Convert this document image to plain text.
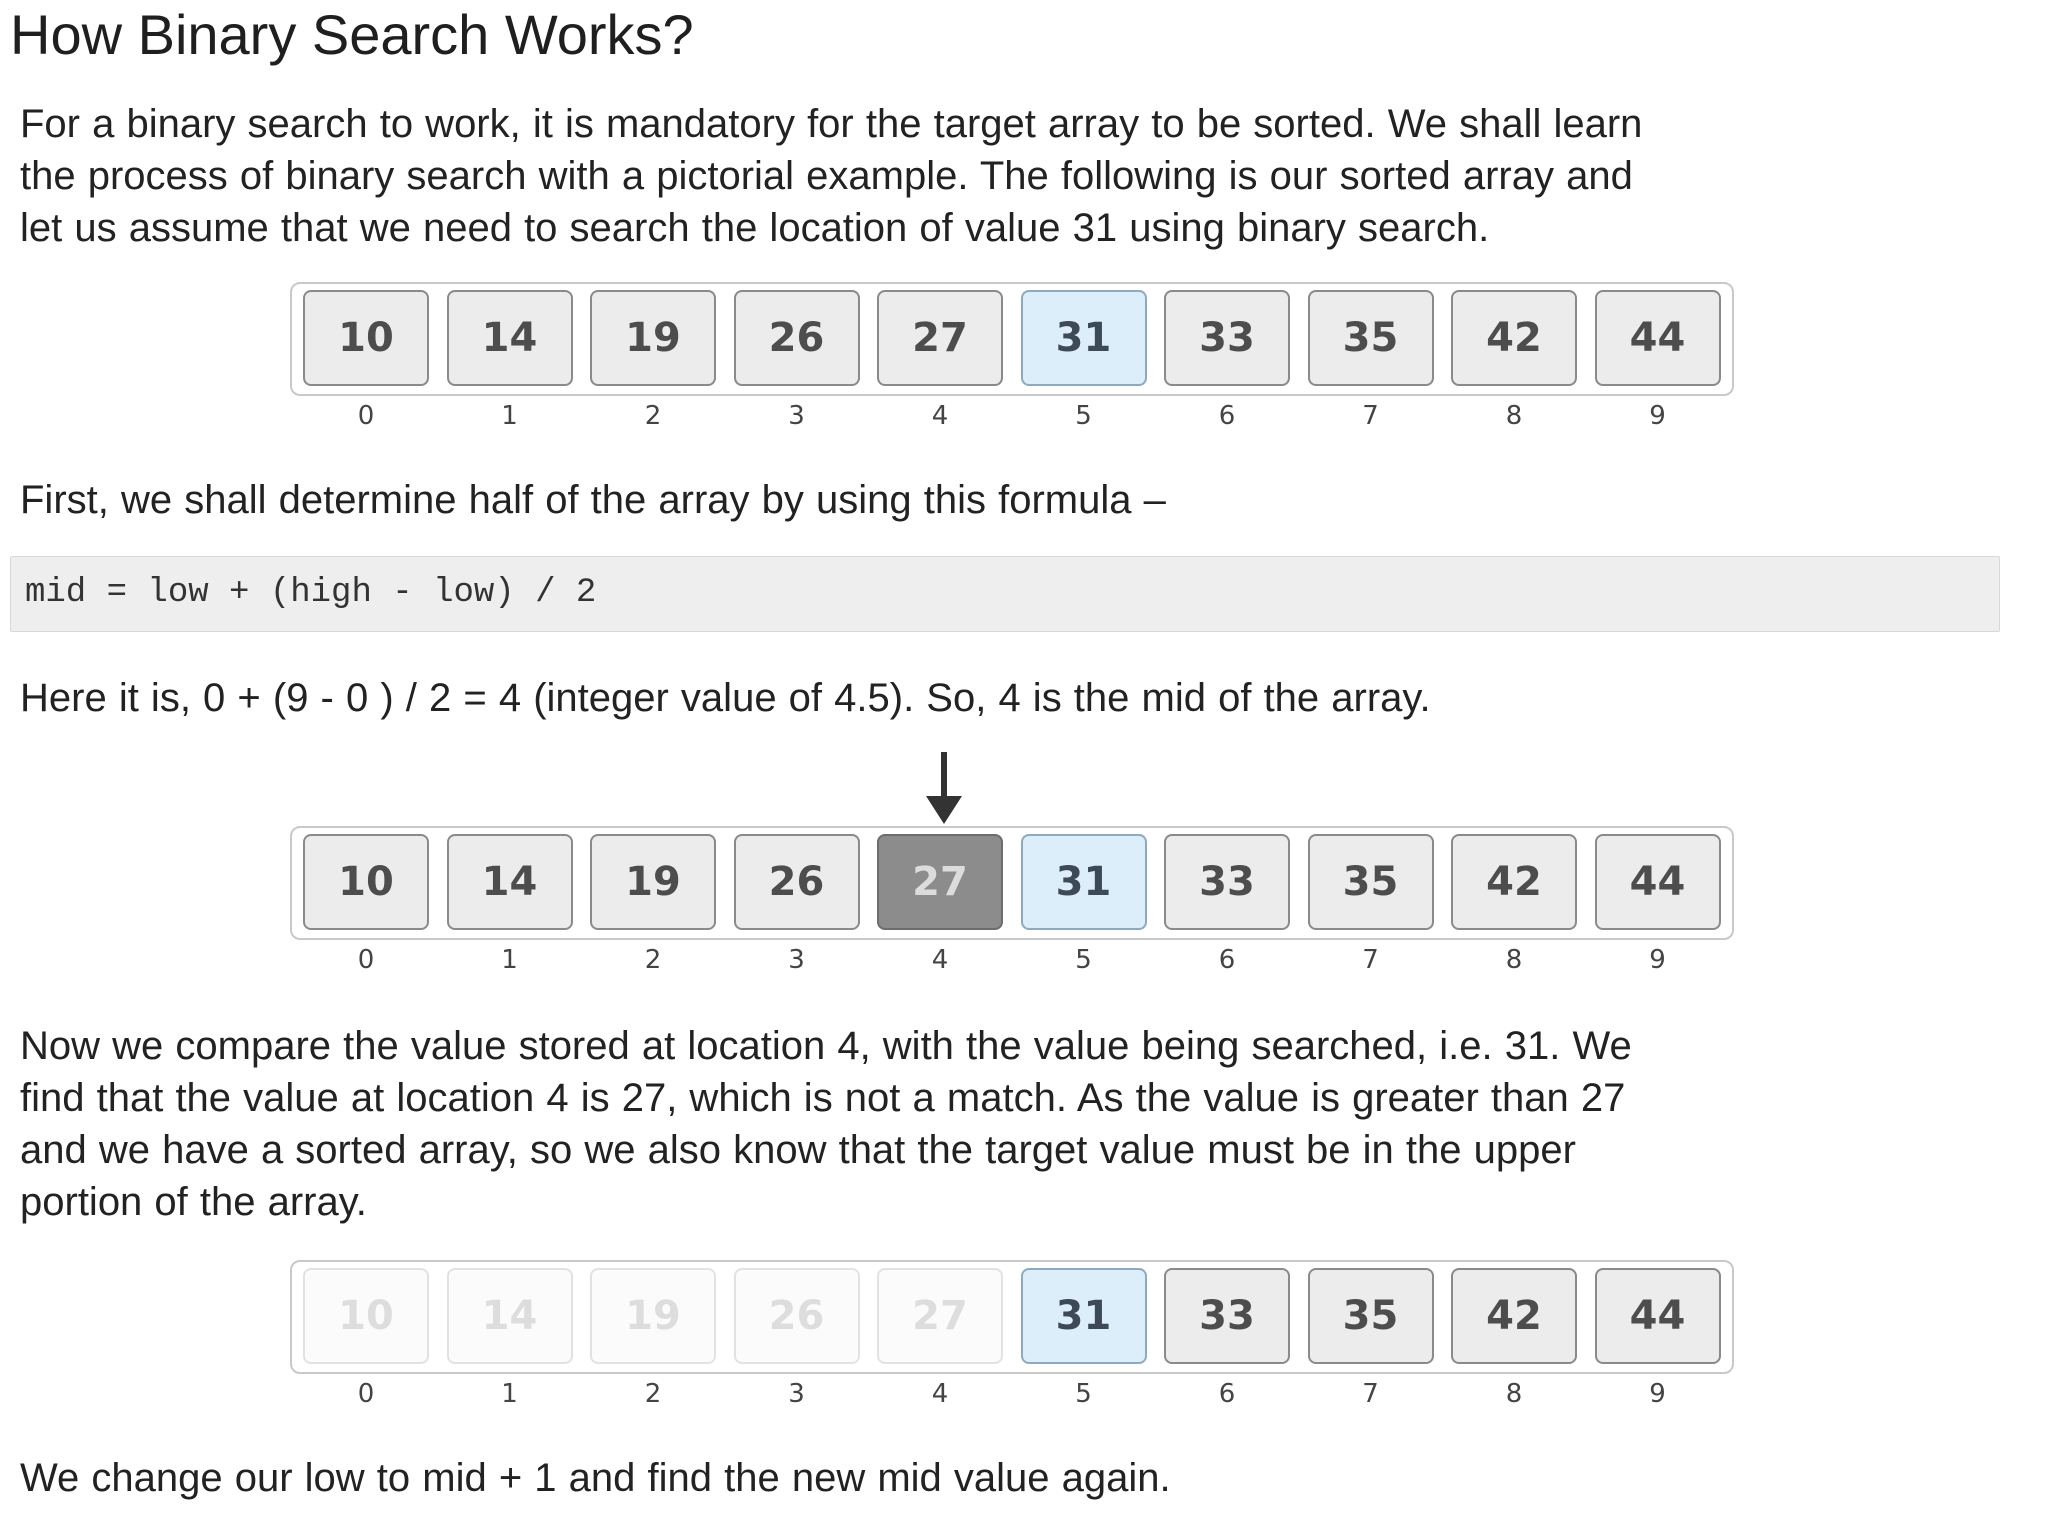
How Binary Search Works?

For a binary search to work, it is mandatory for the target array to be sorted. We shall learn
the process of binary search with a pictorial example. The following is our sorted array and
let us assume that we need to search the location of value 31 using binary search.

10
0
14
1
19
2
26
3
27
4
31
5
33
6
35
7
42
8
44
9

First, we shall determine half of the array by using this formula –

mid = low + (high - low) / 2

Here it is, 0 + (9 - 0 ) / 2 = 4 (integer value of 4.5). So, 4 is the mid of the array.

10
0
14
1
19
2
26
3
27
4
31
5
33
6
35
7
42
8
44
9

Now we compare the value stored at location 4, with the value being searched, i.e. 31. We
find that the value at location 4 is 27, which is not a match. As the value is greater than 27
and we have a sorted array, so we also know that the target value must be in the upper
portion of the array.

10
0
14
1
19
2
26
3
27
4
31
5
33
6
35
7
42
8
44
9

We change our low to mid + 1 and find the new mid value again.
